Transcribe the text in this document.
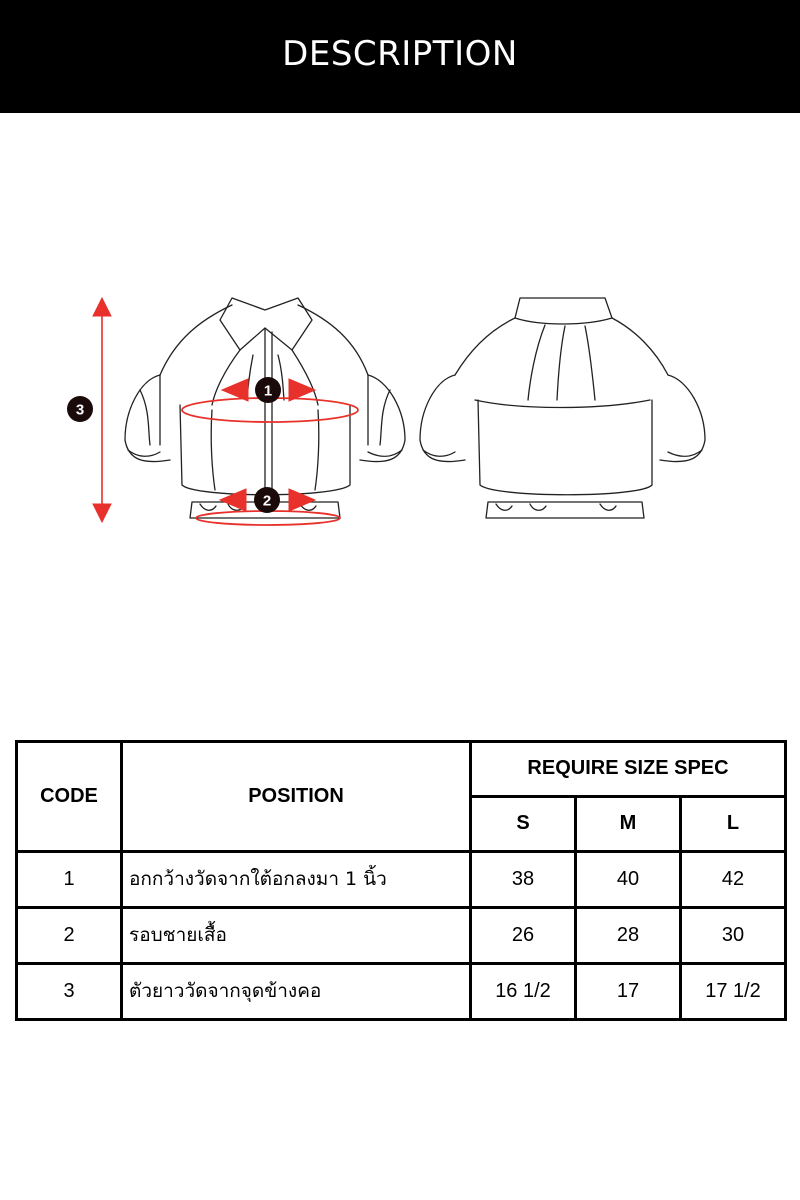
DESCRIPTION
1
2
3
CODE	POSITION	REQUIRE SIZE SPEC		
		S	M	L
1	อกกว้างวัดจากใต้อกลงมา 1 นิ้ว	38	40	42
2	รอบชายเสื้อ	26	28	30
3	ตัวยาววัดจากจุดข้างคอ	16 1/2	17	17 1/2
